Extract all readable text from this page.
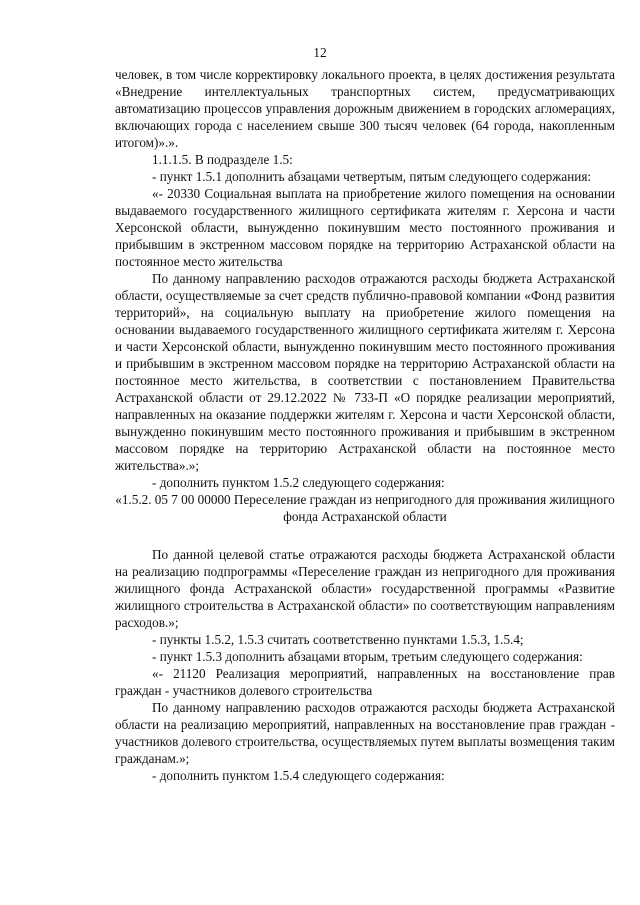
12

человек, в том числе корректировку локального проекта, в целях достижения результата «Внедрение интеллектуальных транспортных систем, предусматривающих автоматизацию процессов управления дорожным движением в городских агломерациях, включающих города с населением свыше 300 тысяч человек (64 города, накопленным итогом)».».

1.1.1.5. В подразделе 1.5:

- пункт 1.5.1 дополнить абзацами четвертым, пятым следующего содержания:

«- 20330 Социальная выплата на приобретение жилого помещения на основании выдаваемого государственного жилищного сертификата жителям г. Херсона и части Херсонской области, вынужденно покинувшим место постоянного проживания и прибывшим в экстренном массовом порядке на территорию Астраханской области на постоянное место жительства

По данному направлению расходов отражаются расходы бюджета Астраханской области, осуществляемые за счет средств публично-правовой компании «Фонд развития территорий», на социальную выплату на приобретение жилого помещения на основании выдаваемого государственного жилищного сертификата жителям г. Херсона и части Херсонской области, вынужденно покинувшим место постоянного проживания и прибывшим в экстренном массовом порядке на территорию Астраханской области на постоянное место жительства, в соответствии с постановлением Правительства Астраханской области от 29.12.2022 № 733-П «О порядке реализации мероприятий, направленных на оказание поддержки жителям г. Херсона и части Херсонской области, вынужденно покинувшим место постоянного проживания и прибывшим в экстренном массовом порядке на территорию Астраханской области на постоянное место жительства».»;

- дополнить пунктом 1.5.2 следующего содержания:

«1.5.2. 05 7 00 00000 Переселение граждан из непригодного для проживания жилищного фонда Астраханской области

По данной целевой статье отражаются расходы бюджета Астраханской области на реализацию подпрограммы «Переселение граждан из непригодного для проживания жилищного фонда Астраханской области» государственной программы «Развитие жилищного строительства в Астраханской области» по соответствующим направлениям расходов.»;

- пункты 1.5.2, 1.5.3 считать соответственно пунктами 1.5.3, 1.5.4;

- пункт 1.5.3 дополнить абзацами вторым, третьим следующего содержания:

«- 21120 Реализация мероприятий, направленных на восстановление прав граждан - участников долевого строительства

По данному направлению расходов отражаются расходы бюджета Астраханской области на реализацию мероприятий, направленных на восстановление прав граждан - участников долевого строительства, осуществляемых путем выплаты возмещения таким гражданам.»;

- дополнить пунктом 1.5.4 следующего содержания:
